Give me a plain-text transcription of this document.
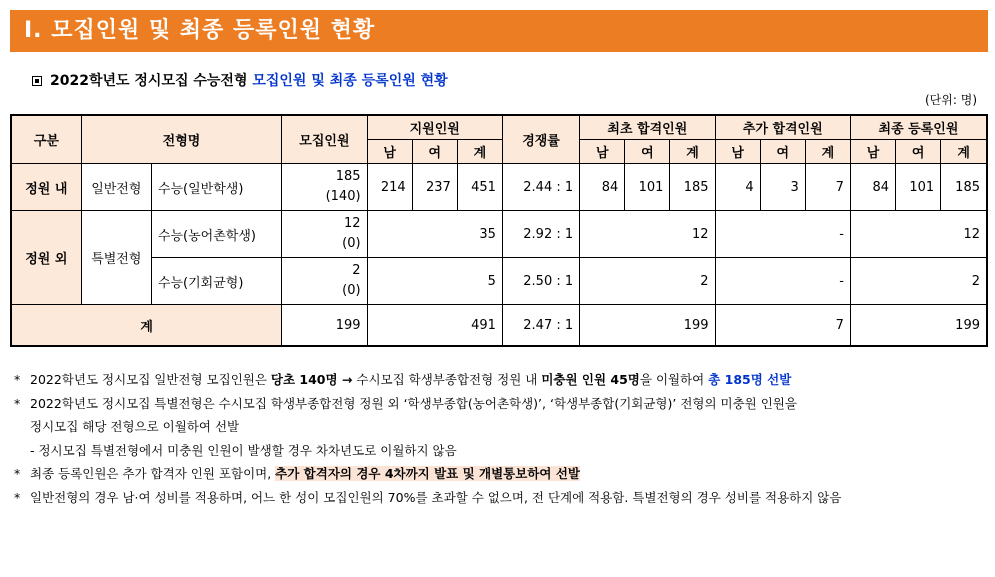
Ⅰ. 모집인원 및 최종 등록인원 현황
2022학년도 정시모집 수능전형 모집인원 및 최종 등록인원 현황
(단위: 명)
구분	전형명		모집인원	지원인원			경쟁률	최초 합격인원			추가 합격인원			최종 등록인원		
				남	여	계		남	여	계	남	여	계	남	여	계
정원 내	일반전형	수능(일반학생)	185
(140)	214	237	451	2.44 : 1	84	101	185	4	3	7	84	101	185
정원 외	특별전형	수능(농어촌학생)	12
(0)	35			2.92 : 1	12			-			12		
		수능(기회균형)	2
(0)	5			2.50 : 1	2			-			2		
계			199	491			2.47 : 1	199			7			199		
* 2022학년도 정시모집 일반전형 모집인원은 당초 140명 → 수시모집 학생부종합전형 정원 내 미충원 인원 45명을 이월하여 총 185명 선발
* 2022학년도 정시모집 특별전형은 수시모집 학생부종합전형 정원 외 ‘학생부종합(농어촌학생)’, ‘학생부종합(기회균형)’ 전형의 미충원 인원을
정시모집 해당 전형으로 이월하여 선발
- 정시모집 특별전형에서 미충원 인원이 발생할 경우 차차년도로 이월하지 않음
* 최종 등록인원은 추가 합격자 인원 포함이며, 추가 합격자의 경우 4차까지 발표 및 개별통보하여 선발
* 일반전형의 경우 남·여 성비를 적용하며, 어느 한 성이 모집인원의 70%를 초과할 수 없으며, 전 단계에 적용함. 특별전형의 경우 성비를 적용하지 않음
